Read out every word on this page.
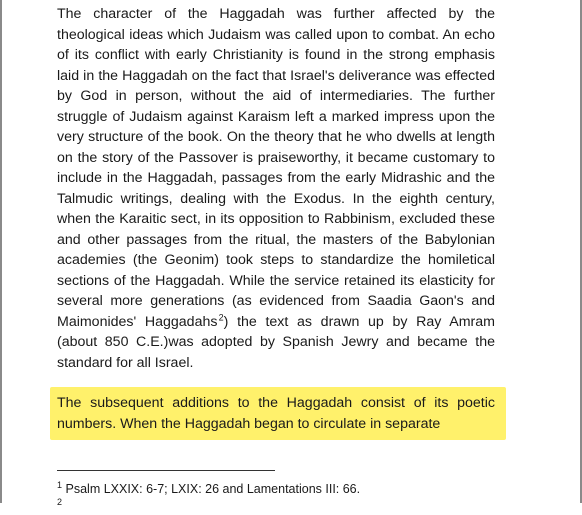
The character of the Haggadah was further affected by the theological ideas which Judaism was called upon to combat. An echo of its conflict with early Christianity is found in the strong emphasis laid in the Haggadah on the fact that Israel's deliverance was effected by God in person, without the aid of intermediaries. The further struggle of Judaism against Karaism left a marked impress upon the very structure of the book. On the theory that he who dwells at length on the story of the Passover is praiseworthy, it became customary to include in the Haggadah, passages from the early Midrashic and the Talmudic writings, dealing with the Exodus. In the eighth century, when the Karaitic sect, in its opposition to Rabbinism, excluded these and other passages from the ritual, the masters of the Babylonian academies (the Geonim) took steps to standardize the homiletical sections of the Haggadah. While the service retained its elasticity for several more generations (as evidenced from Saadia Gaon's and Maimonides' Haggadahs $^2$) the text as drawn up by Ray Amram (about 850 C.E.)was adopted by Spanish Jewry and became the standard for all Israel.

The subsequent additions to the Haggadah consist of its poetic numbers. When the Haggadah began to circulate in separate

$^1$ Psalm LXXIX: 6-7; LXIX: 26 and Lamentations III: 66.
$^2$
